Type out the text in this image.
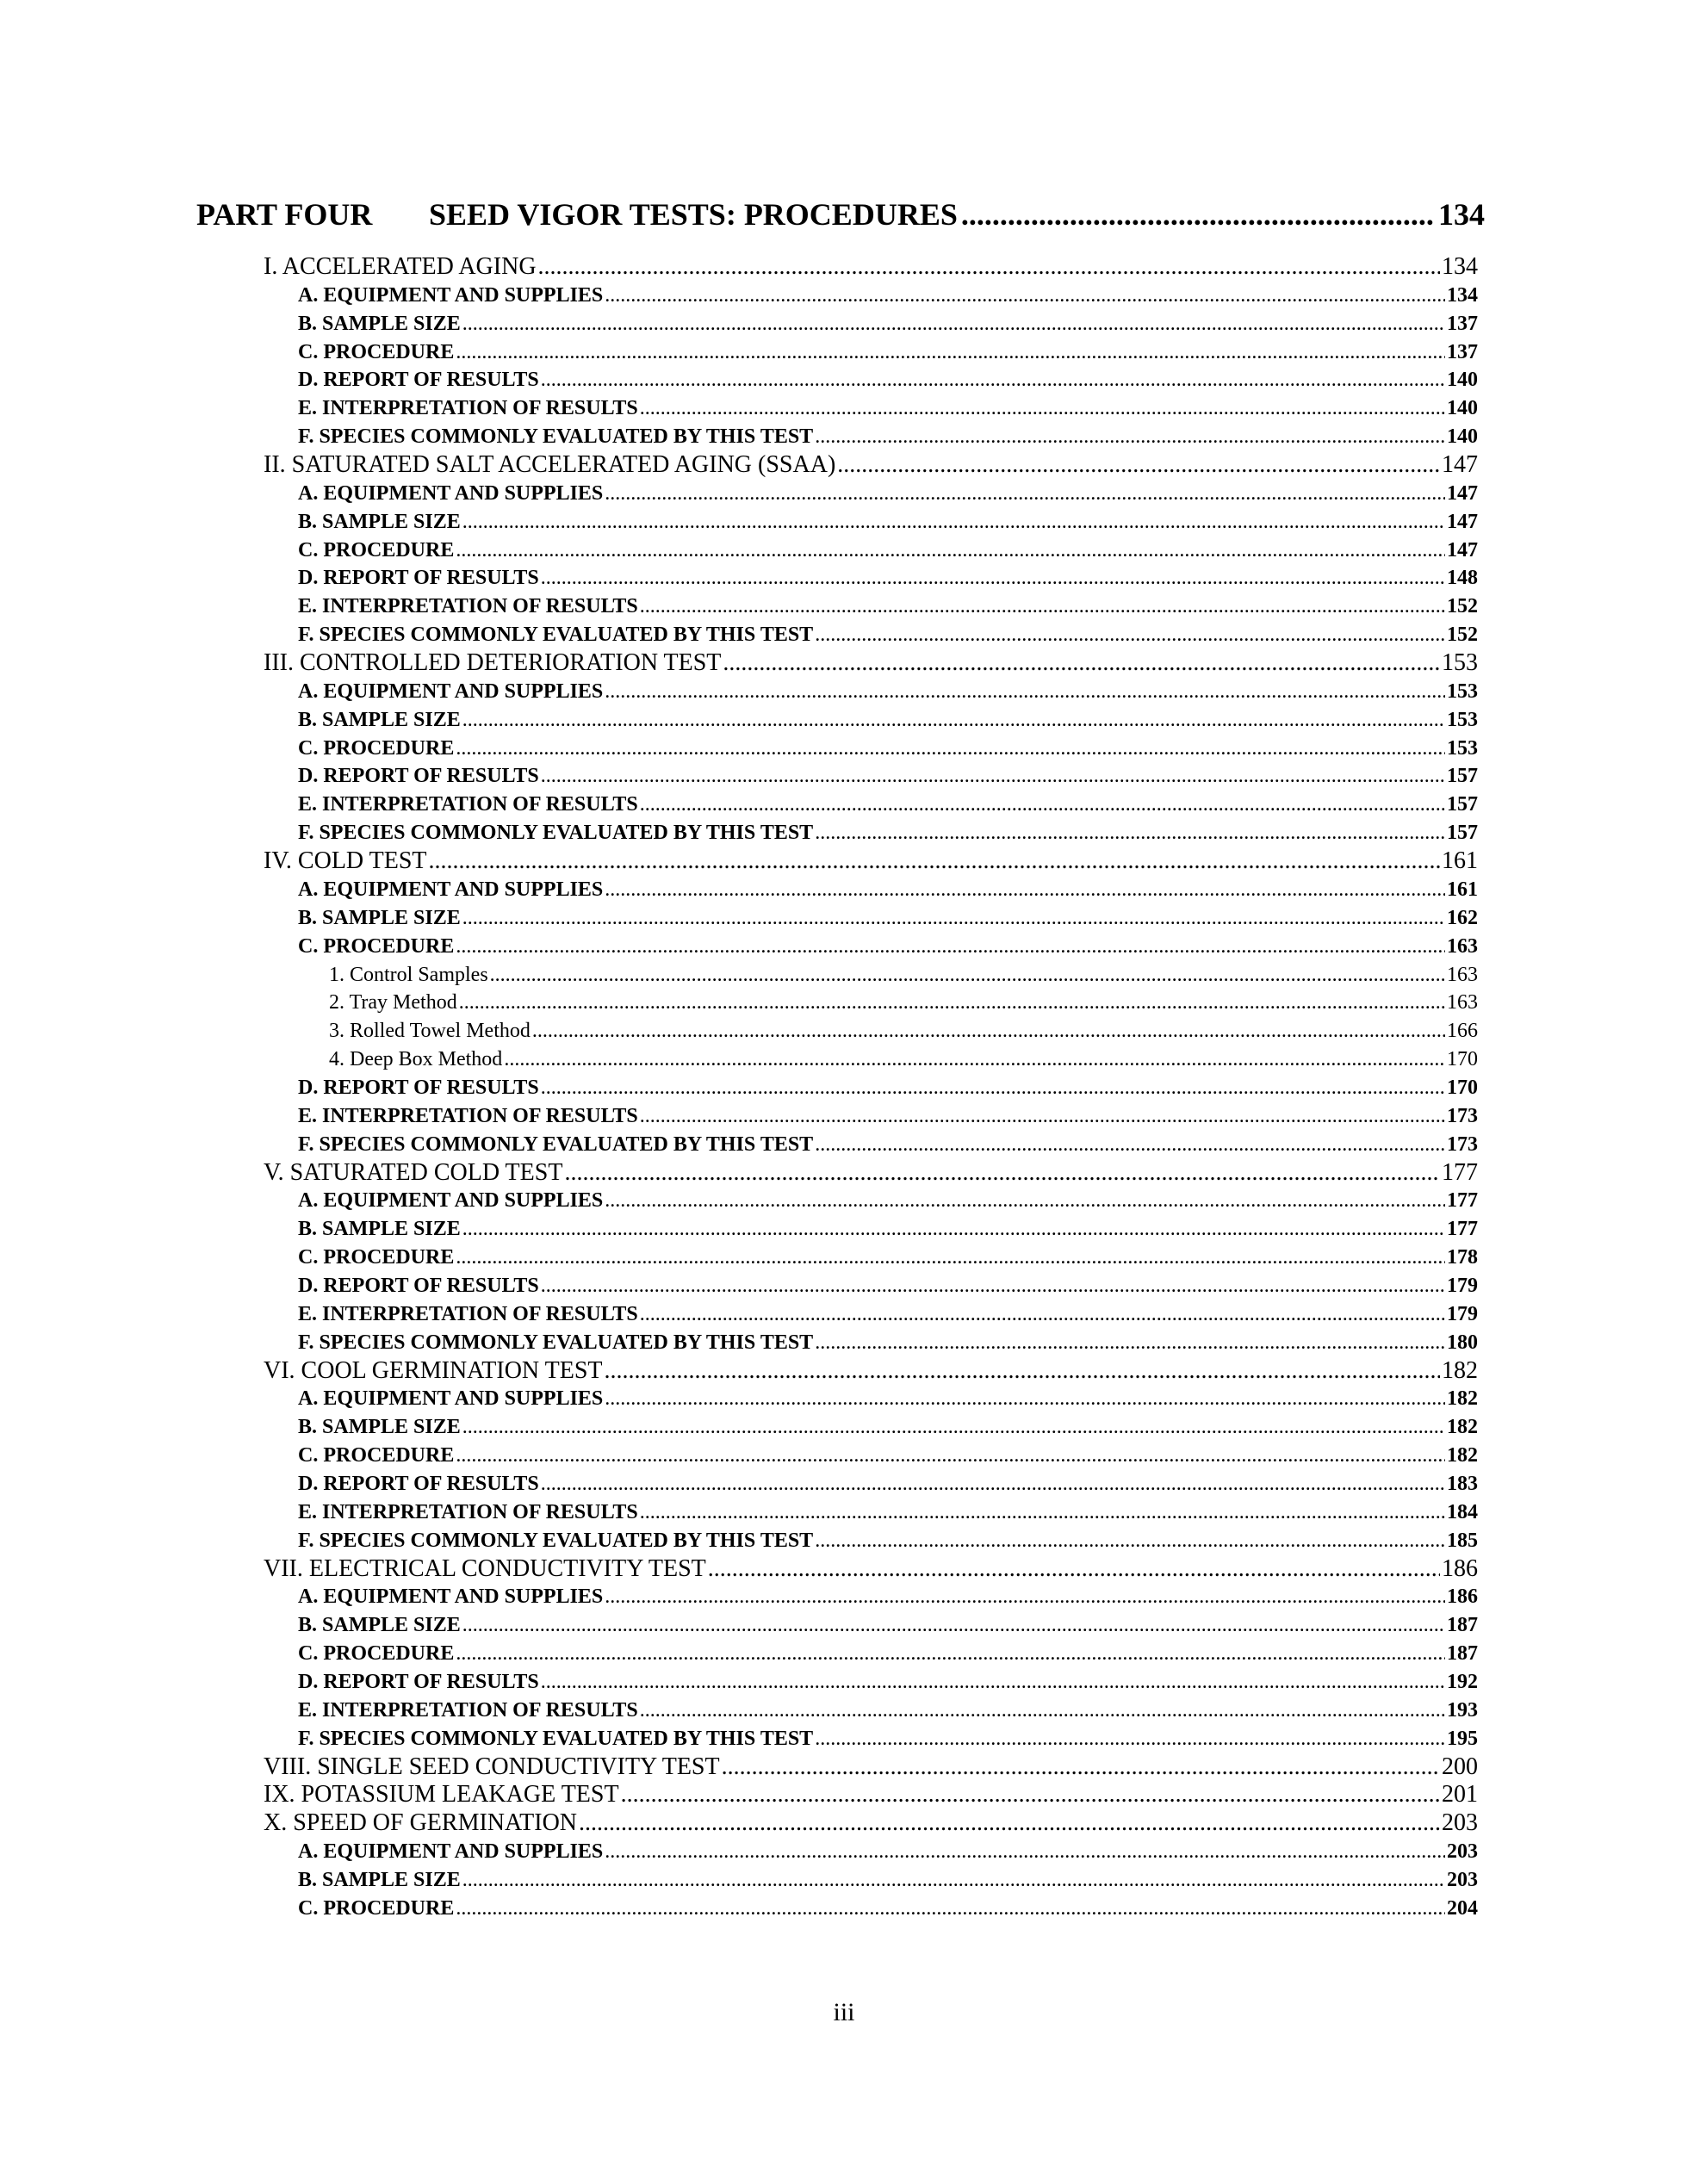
PART FOUR	SEED VIGOR TESTS: PROCEDURES .....	134
I. ACCELERATED AGING .....	134
A. EQUIPMENT AND SUPPLIES .....	134
B. SAMPLE SIZE .....	137
C. PROCEDURE .....	137
D. REPORT OF RESULTS .....	140
E. INTERPRETATION OF RESULTS .....	140
F. SPECIES COMMONLY EVALUATED BY THIS TEST .....	140
II. SATURATED SALT ACCELERATED AGING (SSAA) .....	147
A. EQUIPMENT AND SUPPLIES .....	147
B. SAMPLE SIZE .....	147
C. PROCEDURE .....	147
D. REPORT OF RESULTS .....	148
E. INTERPRETATION OF RESULTS .....	152
F. SPECIES COMMONLY EVALUATED BY THIS TEST .....	152
III. CONTROLLED DETERIORATION TEST .....	153
A. EQUIPMENT AND SUPPLIES .....	153
B. SAMPLE SIZE .....	153
C. PROCEDURE .....	153
D. REPORT OF RESULTS .....	157
E. INTERPRETATION OF RESULTS .....	157
F. SPECIES COMMONLY EVALUATED BY THIS TEST .....	157
IV. COLD TEST .....	161
A. EQUIPMENT AND SUPPLIES .....	161
B. SAMPLE SIZE .....	162
C. PROCEDURE .....	163
1. Control Samples .....	163
2. Tray Method .....	163
3. Rolled Towel Method .....	166
4. Deep Box Method .....	170
D. REPORT OF RESULTS .....	170
E. INTERPRETATION OF RESULTS .....	173
F. SPECIES COMMONLY EVALUATED BY THIS TEST .....	173
V. SATURATED COLD TEST .....	177
A. EQUIPMENT AND SUPPLIES .....	177
B. SAMPLE SIZE .....	177
C. PROCEDURE .....	178
D. REPORT OF RESULTS .....	179
E. INTERPRETATION OF RESULTS .....	179
F. SPECIES COMMONLY EVALUATED BY THIS TEST .....	180
VI. COOL GERMINATION TEST .....	182
A. EQUIPMENT AND SUPPLIES .....	182
B. SAMPLE SIZE .....	182
C. PROCEDURE .....	182
D. REPORT OF RESULTS .....	183
E. INTERPRETATION OF RESULTS .....	184
F. SPECIES COMMONLY EVALUATED BY THIS TEST .....	185
VII. ELECTRICAL CONDUCTIVITY TEST .....	186
A. EQUIPMENT AND SUPPLIES .....	186
B. SAMPLE SIZE .....	187
C. PROCEDURE .....	187
D. REPORT OF RESULTS .....	192
E. INTERPRETATION OF RESULTS .....	193
F. SPECIES COMMONLY EVALUATED BY THIS TEST .....	195
VIII. SINGLE SEED CONDUCTIVITY TEST .....	200
IX. POTASSIUM LEAKAGE TEST .....	201
X. SPEED OF GERMINATION .....	203
A. EQUIPMENT AND SUPPLIES .....	203
B. SAMPLE SIZE .....	203
C. PROCEDURE .....	204
iii
